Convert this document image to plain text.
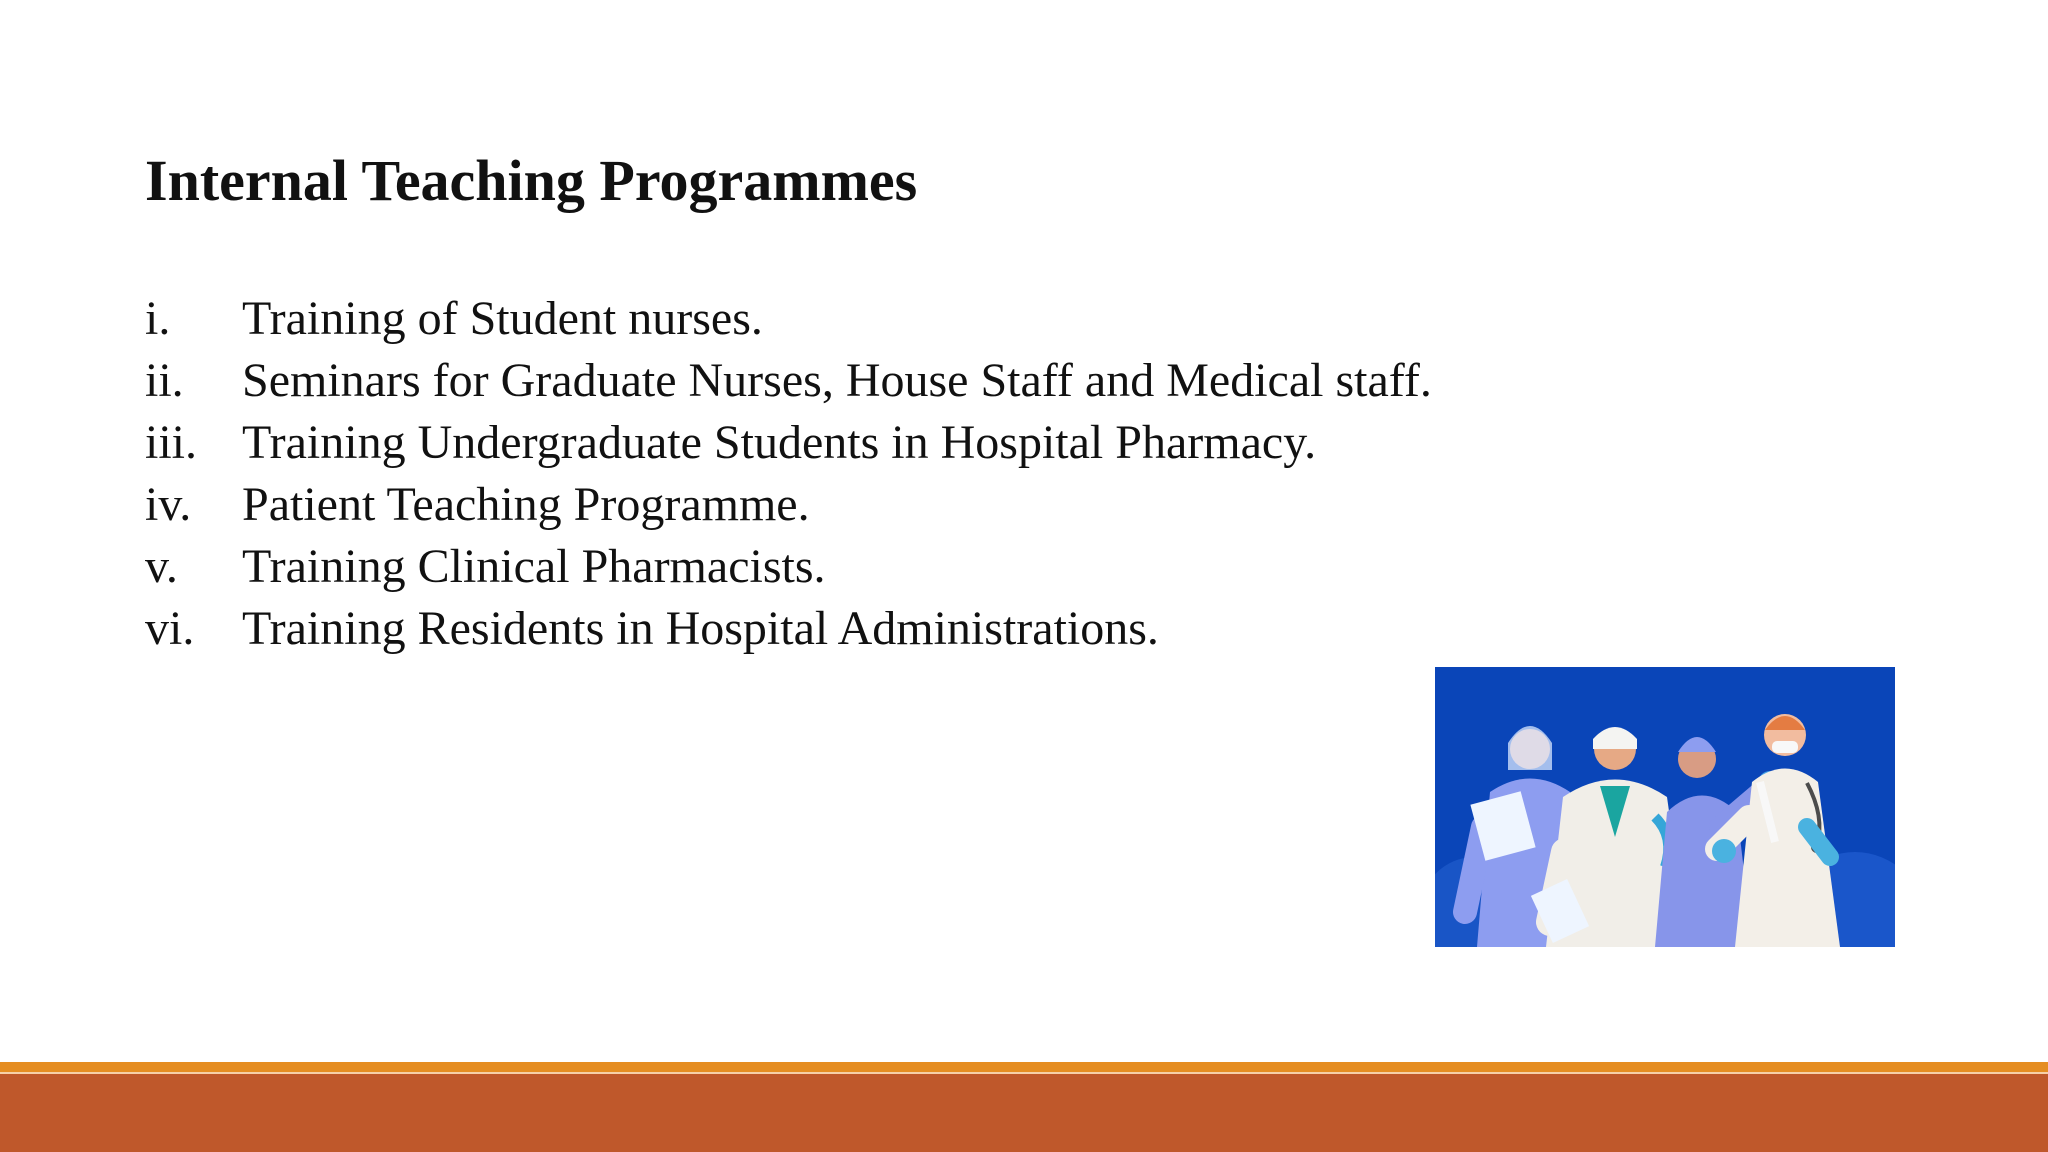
Internal Teaching Programmes
i.	Training of Student nurses.
ii.	Seminars for Graduate Nurses, House Staff and Medical staff.
iii. Training Undergraduate Students in Hospital Pharmacy.
iv.	Patient Teaching Programme.
v.	Training Clinical Pharmacists.
vi. Training Residents in Hospital Administrations.
